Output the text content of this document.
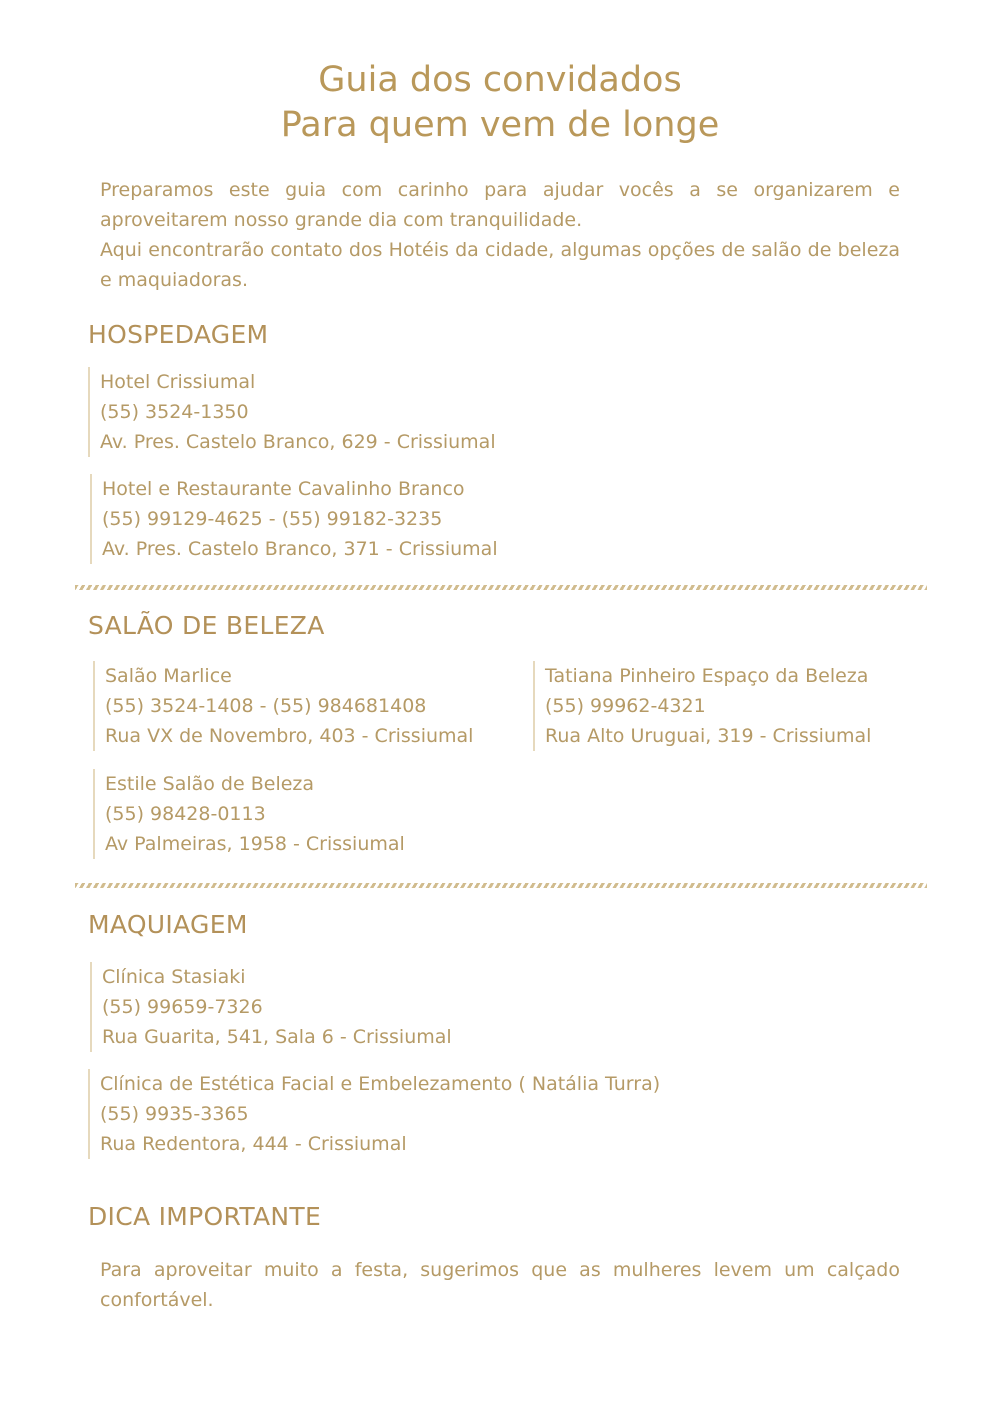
Guia dos convidados
Para quem vem de longe

Preparamos este guia com carinho para ajudar vocês a se organizarem e aproveitarem nosso grande dia com tranquilidade.

Aqui encontrarão contato dos Hotéis da cidade, algumas opções de salão de beleza e maquiadoras.

HOSPEDAGEM
Hotel Crissiumal
(55) 3524-1350
Av. Pres. Castelo Branco, 629 - Crissiumal
Hotel e Restaurante Cavalinho Branco
(55) 99129-4625 - (55) 99182-3235
Av. Pres. Castelo Branco, 371 - Crissiumal
SALÃO DE BELEZA
Salão Marlice
(55) 3524-1408 - (55) 984681408
Rua VX de Novembro, 403 - Crissiumal
Tatiana Pinheiro Espaço da Beleza
(55) 99962-4321
Rua Alto Uruguai, 319 - Crissiumal
Estile Salão de Beleza
(55) 98428-0113
Av Palmeiras, 1958 - Crissiumal
MAQUIAGEM
Clínica Stasiaki
(55) 99659-7326
Rua Guarita, 541, Sala 6 - Crissiumal
Clínica de Estética Facial e Embelezamento ( Natália Turra)
(55) 9935-3365
Rua Redentora, 444 - Crissiumal
DICA IMPORTANTE
Para aproveitar muito a festa, sugerimos que as mulheres levem um calçado confortável.
